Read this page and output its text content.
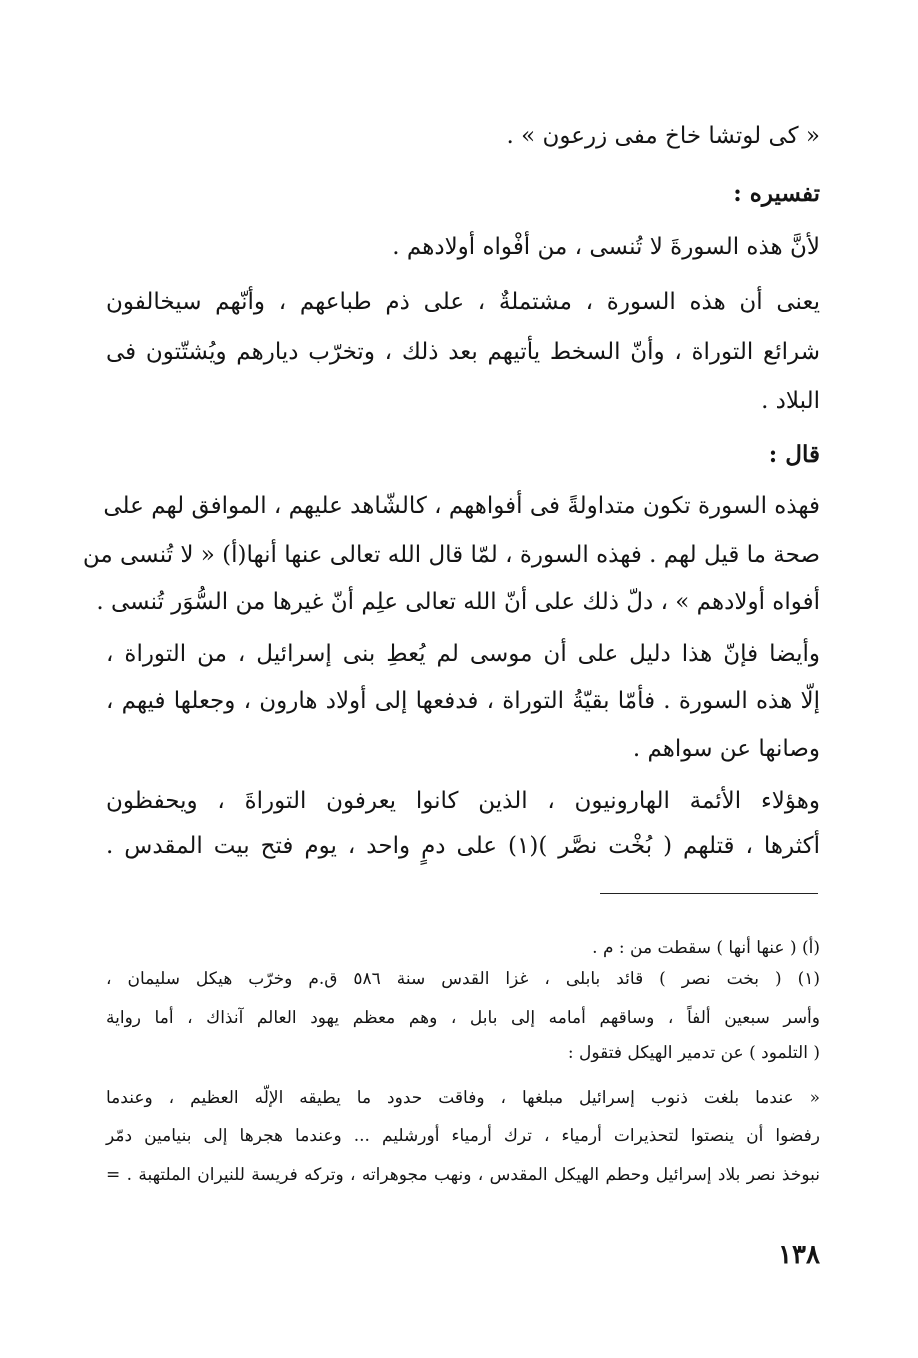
« كى لوتشا خاخ مفى زرعون » .
تفسيره :
لأنَّ هذه السورةَ لا تُنسى ، من أفْواه أولادهم .
يعنى أن هذه السورة ، مشتملةٌ ، على ذم طباعهم ، وأنّهم سيخالفون
شرائع التوراة ، وأنّ السخط يأتيهم بعد ذلك ، وتخرّب ديارهم ويُشتّتون فى
البلاد .
قال :
فهذه السورة تكون متداولةً فى أفواههم ، كالشّاهد عليهم ، الموافق لهم على
صحة ما قيل لهم . فهذه السورة ، لمّا قال الله تعالى عنها أنها(أ) « لا تُنسى من
أفواه أولادهم » ، دلّ ذلك على أنّ الله تعالى علِم أنّ غيرها من السُّوَر تُنسى .
وأيضا فإنّ هذا دليل على أن موسى لم يُعطِ بنى إسرائيل ، من التوراة ،
إلّا هذه السورة . فأمّا بقيّةُ التوراة ، فدفعها إلى أولاد هارون ، وجعلها فيهم ،
وصانها عن سواهم .
وهؤلاء الأئمة الهارونيون ، الذين كانوا يعرفون التوراةَ ، ويحفظون
أكثرها ، قتلهم ( بُخْت نصَّر )(١) على دمٍ واحد ، يوم فتح بيت المقدس .
(أ) ( عنها أنها ) سقطت من : م .
(١) ( بخت نصر ) قائد بابلى ، غزا القدس سنة ٥٨٦ ق.م وخرّب هيكل سليمان ،
وأسر سبعين ألفاً ، وساقهم أمامه إلى بابل ، وهم معظم يهود العالم آنذاك ، أما رواية
( التلمود ) عن تدمير الهيكل فتقول :
« عندما بلغت ذنوب إسرائيل مبلغها ، وفاقت حدود ما يطيقه الإلّه العظيم ، وعندما
رفضوا أن ينصتوا لتحذيرات أرمياء ، ترك أرمياء أورشليم ... وعندما هجرها إلى بنيامين دمّر
نبوخذ نصر بلاد إسرائيل وحطم الهيكل المقدس ، ونهب مجوهراته ، وتركه فريسة للنيران الملتهبة . =
١٣٨
